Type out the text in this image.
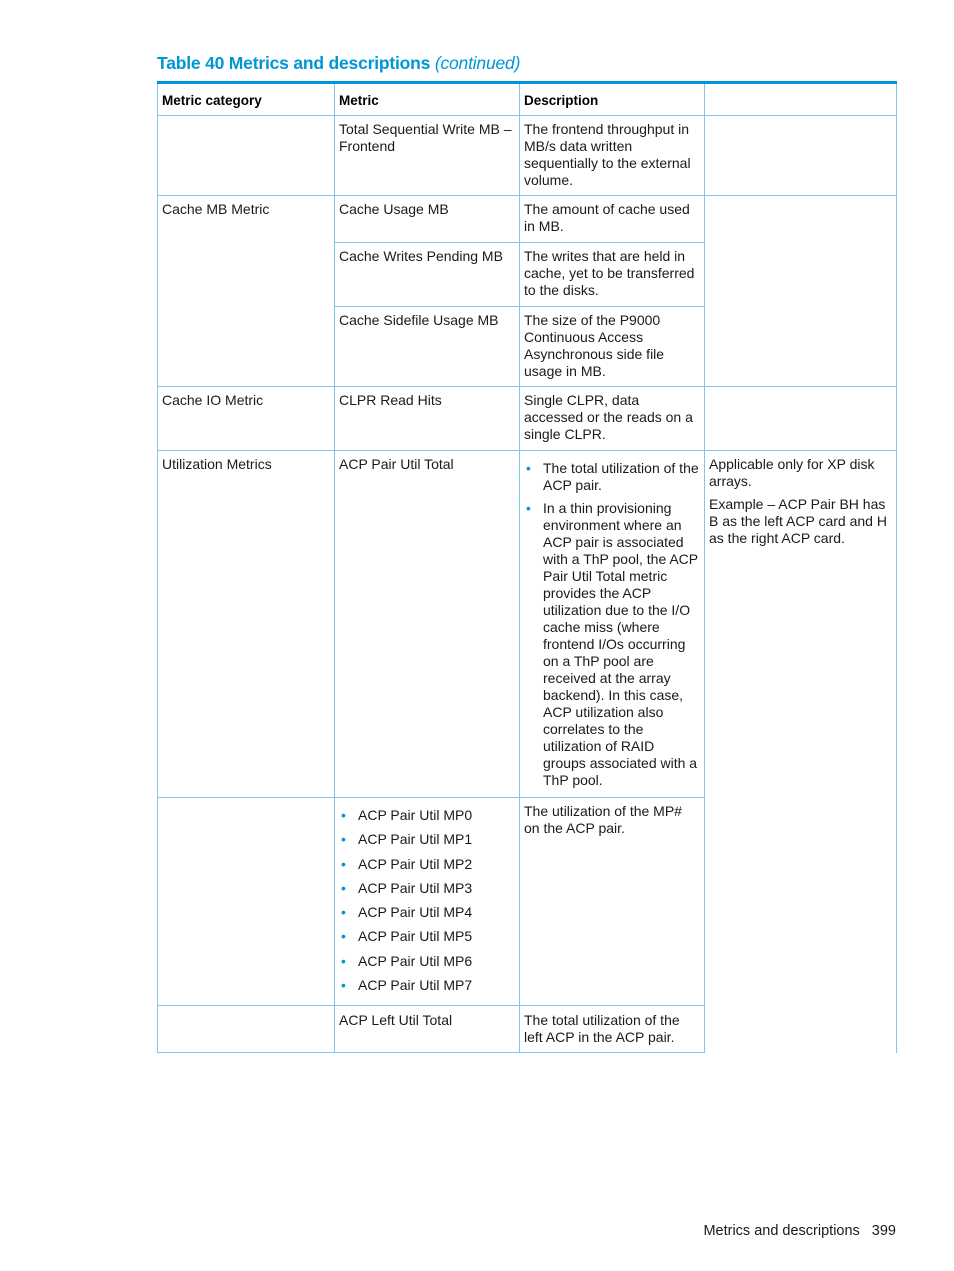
Table 40 Metrics and descriptions (continued)
Metric category	Metric	Description
Total Sequential Write MB – Frontend
The frontend throughput in MB/s data written sequentially to the external volume.
Cache MB Metric	Cache Usage MB	The amount of cache used in MB.
Cache Writes Pending MB	The writes that are held in cache, yet to be transferred to the disks.
Cache Sidefile Usage MB	The size of the P9000 Continuous Access Asynchronous side file usage in MB.
Cache IO Metric	CLPR Read Hits	Single CLPR, data accessed or the reads on a single CLPR.
Utilization Metrics	ACP Pair Util Total
•	The total utilization of the ACP pair.
• In a thin provisioning environment where an ACP pair is associated with a ThP pool, the ACP Pair Util Total metric provides the ACP utilization due to the I/O cache miss (where frontend I/Os occurring on a ThP pool are received at the array backend). In this case, ACP utilization also correlates to the utilization of RAID groups associated with a ThP pool.
Applicable only for XP disk arrays.
Example – ACP Pair BH has B as the left ACP card and H as the right ACP card.
• ACP Pair Util MP0
• ACP Pair Util MP1
• ACP Pair Util MP2
• ACP Pair Util MP3
• ACP Pair Util MP4
• ACP Pair Util MP5
• ACP Pair Util MP6
• ACP Pair Util MP7
The utilization of the MP# on the ACP pair.
ACP Left Util Total	The total utilization of the left ACP in the ACP pair.
Metrics and descriptions 399
